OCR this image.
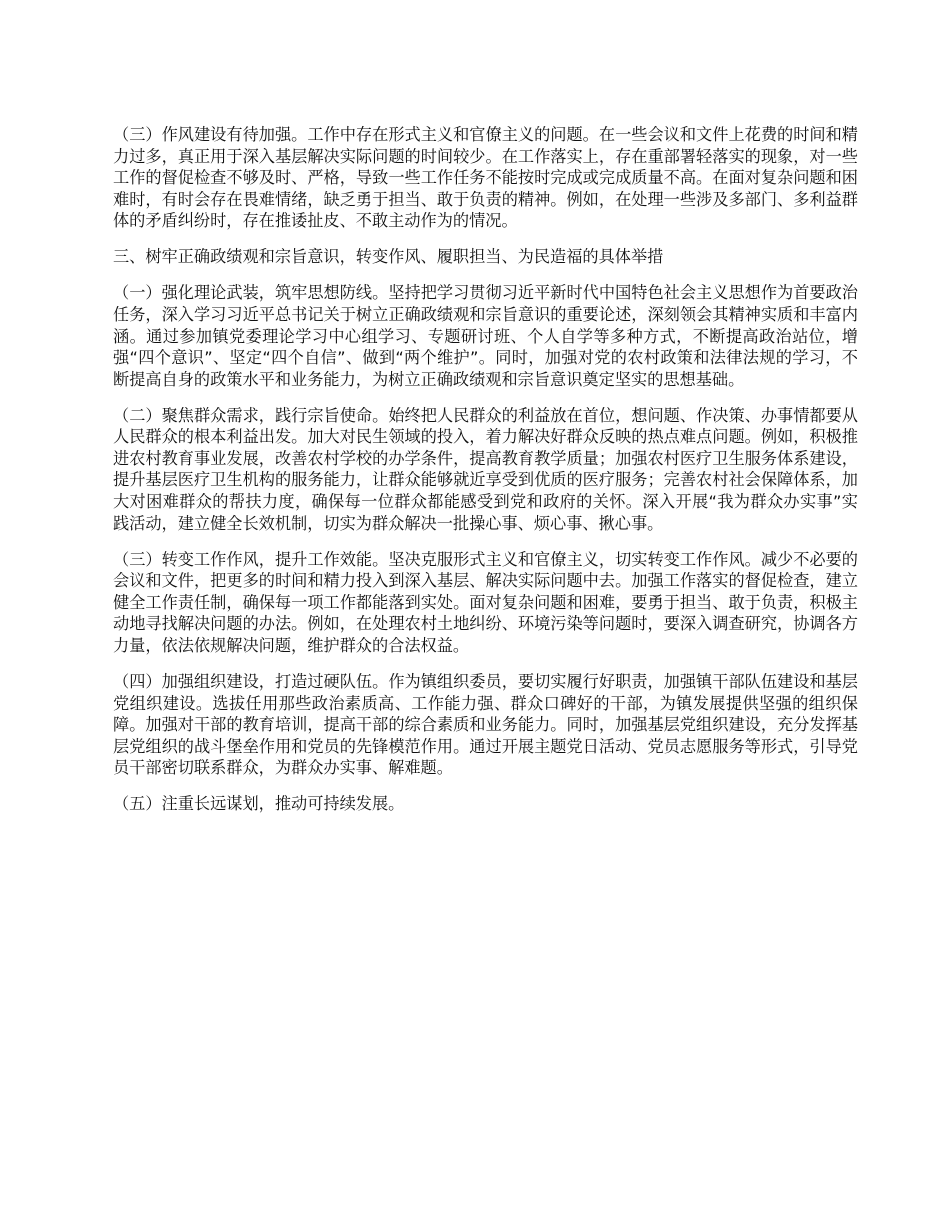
（三）作风建设有待加强。工作中存在形式主义和官僚主义的问题。在一些会议和文件上花费的时间和精力过多，真正用于深入基层解决实际问题的时间较少。在工作落实上，存在重部署轻落实的现象，对一些工作的督促检查不够及时、严格，导致一些工作任务不能按时完成或完成质量不高。在面对复杂问题和困难时，有时会存在畏难情绪，缺乏勇于担当、敢于负责的精神。例如，在处理一些涉及多部门、多利益群体的矛盾纠纷时，存在推诿扯皮、不敢主动作为的情况。

三、树牢正确政绩观和宗旨意识，转变作风、履职担当、为民造福的具体举措

（一）强化理论武装，筑牢思想防线。坚持把学习贯彻习近平新时代中国特色社会主义思想作为首要政治任务，深入学习习近平总书记关于树立正确政绩观和宗旨意识的重要论述，深刻领会其精神实质和丰富内涵。通过参加镇党委理论学习中心组学习、专题研讨班、个人自学等多种方式，不断提高政治站位，增强“四个意识”、坚定“四个自信”、做到“两个维护”。同时，加强对党的农村政策和法律法规的学习，不断提高自身的政策水平和业务能力，为树立正确政绩观和宗旨意识奠定坚实的思想基础。

（二）聚焦群众需求，践行宗旨使命。始终把人民群众的利益放在首位，想问题、作决策、办事情都要从人民群众的根本利益出发。加大对民生领域的投入，着力解决好群众反映的热点难点问题。例如，积极推进农村教育事业发展，改善农村学校的办学条件，提高教育教学质量；加强农村医疗卫生服务体系建设，提升基层医疗卫生机构的服务能力，让群众能够就近享受到优质的医疗服务；完善农村社会保障体系，加大对困难群众的帮扶力度，确保每一位群众都能感受到党和政府的关怀。深入开展“我为群众办实事”实践活动，建立健全长效机制，切实为群众解决一批操心事、烦心事、揪心事。

（三）转变工作作风，提升工作效能。坚决克服形式主义和官僚主义，切实转变工作作风。减少不必要的会议和文件，把更多的时间和精力投入到深入基层、解决实际问题中去。加强工作落实的督促检查，建立健全工作责任制，确保每一项工作都能落到实处。面对复杂问题和困难，要勇于担当、敢于负责，积极主动地寻找解决问题的办法。例如，在处理农村土地纠纷、环境污染等问题时，要深入调查研究，协调各方力量，依法依规解决问题，维护群众的合法权益。

（四）加强组织建设，打造过硬队伍。作为镇组织委员，要切实履行好职责，加强镇干部队伍建设和基层党组织建设。选拔任用那些政治素质高、工作能力强、群众口碑好的干部，为镇发展提供坚强的组织保障。加强对干部的教育培训，提高干部的综合素质和业务能力。同时，加强基层党组织建设，充分发挥基层党组织的战斗堡垒作用和党员的先锋模范作用。通过开展主题党日活动、党员志愿服务等形式，引导党员干部密切联系群众，为群众办实事、解难题。

（五）注重长远谋划，推动可持续发展。
